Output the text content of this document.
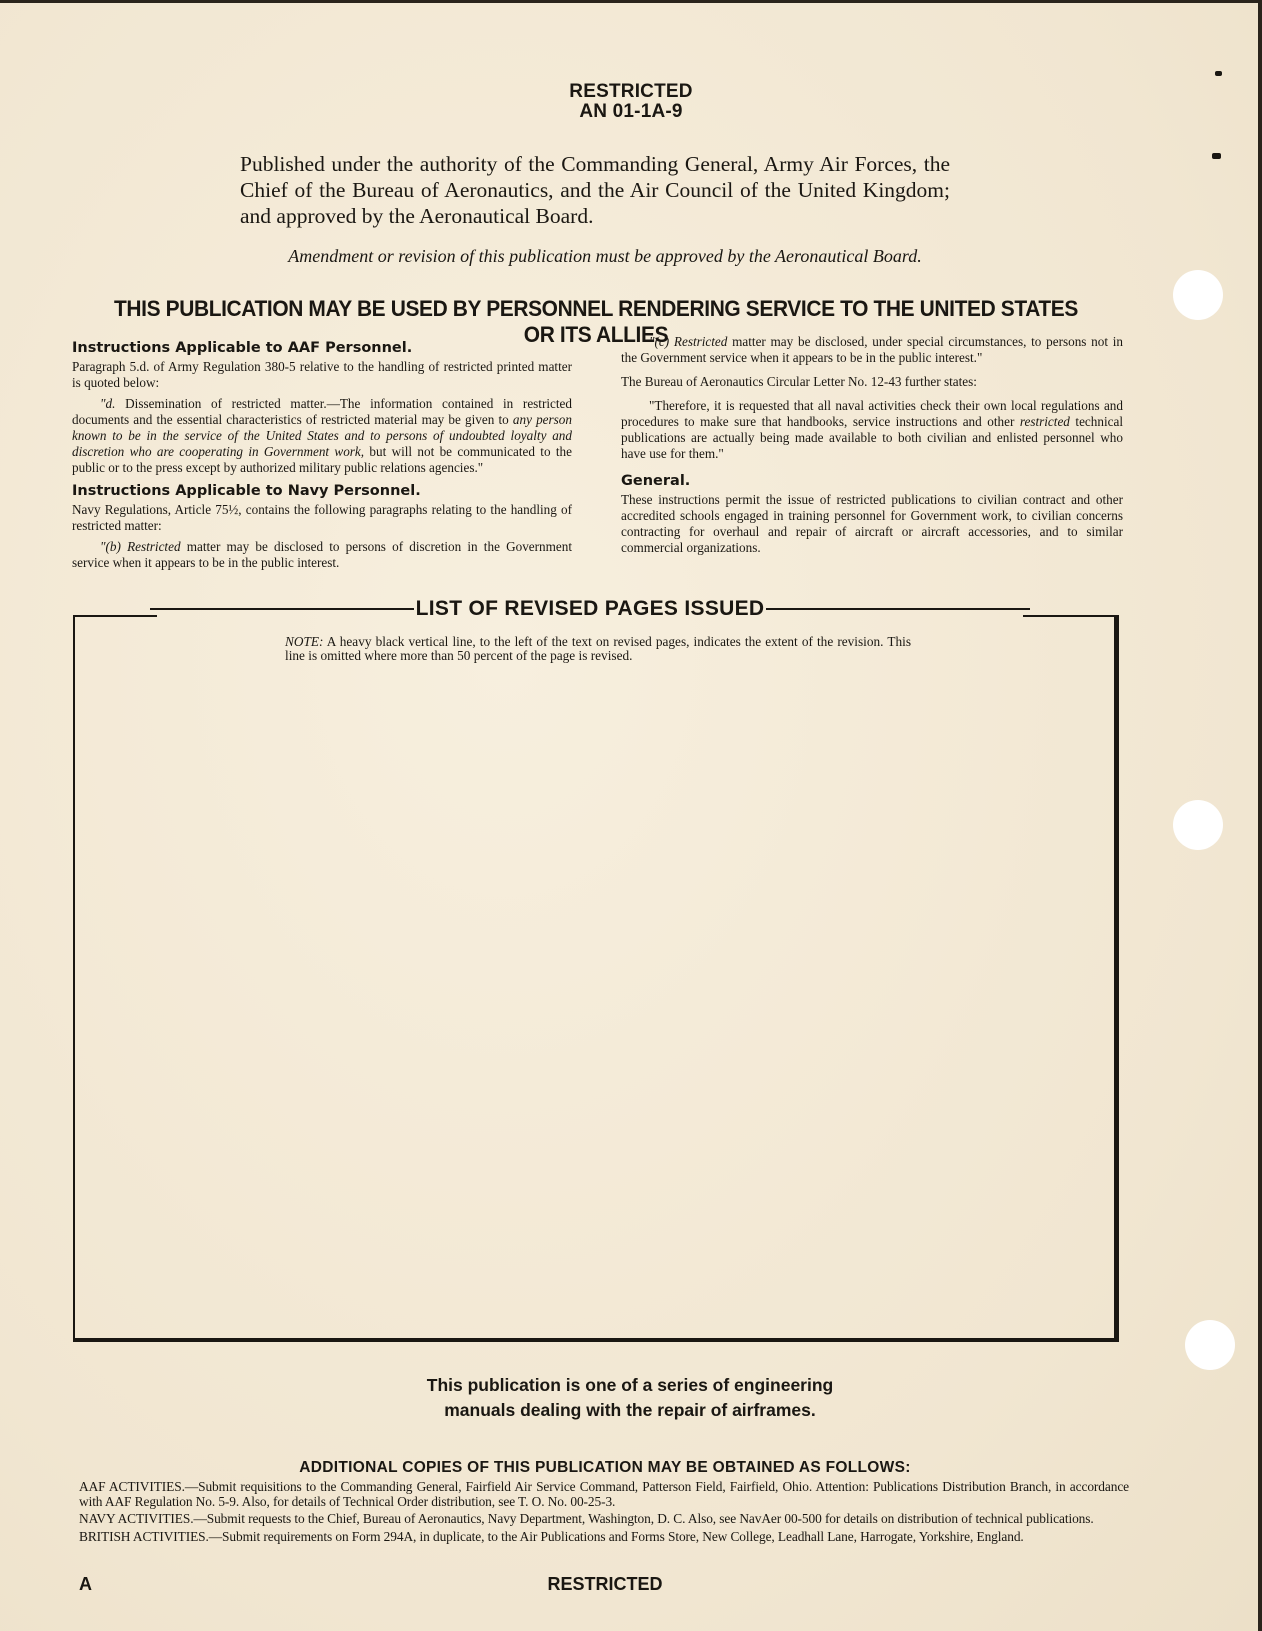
RESTRICTED
AN 01-1A-9
Published under the authority of the Commanding General, Army Air Forces, the Chief of the Bureau of Aeronautics, and the Air Council of the United Kingdom; and approved by the Aeronautical Board.
Amendment or revision of this publication must be approved by the Aeronautical Board.
THIS PUBLICATION MAY BE USED BY PERSONNEL RENDERING SERVICE TO THE UNITED STATES OR ITS ALLIES
Instructions Applicable to AAF Personnel.

Paragraph 5.d. of Army Regulation 380-5 relative to the handling of restricted printed matter is quoted below:

"d. Dissemination of restricted matter.—The information contained in restricted documents and the essential characteristics of restricted material may be given to any person known to be in the service of the United States and to persons of undoubted loyalty and discretion who are cooperating in Government work, but will not be communicated to the public or to the press except by authorized military public relations agencies."

Instructions Applicable to Navy Personnel.

Navy Regulations, Article 75½, contains the following paragraphs relating to the handling of restricted matter:

"(b) Restricted matter may be disclosed to persons of discretion in the Government service when it appears to be in the public interest.

"(c) Restricted matter may be disclosed, under special circumstances, to persons not in the Government service when it appears to be in the public interest."

The Bureau of Aeronautics Circular Letter No. 12-43 further states:

"Therefore, it is requested that all naval activities check their own local regulations and procedures to make sure that handbooks, service instructions and other restricted technical publications are actually being made available to both civilian and enlisted personnel who have use for them."

General.

These instructions permit the issue of restricted publications to civilian contract and other accredited schools engaged in training personnel for Government work, to civilian concerns contracting for overhaul and repair of aircraft or aircraft accessories, and to similar commercial organizations.

LIST OF REVISED PAGES ISSUED
NOTE: A heavy black vertical line, to the left of the text on revised pages, indicates the extent of the revision. This line is omitted where more than 50 percent of the page is revised.
This publication is one of a series of engineering
manuals dealing with the repair of airframes.
ADDITIONAL COPIES OF THIS PUBLICATION MAY BE OBTAINED AS FOLLOWS:

AAF ACTIVITIES.—Submit requisitions to the Commanding General, Fairfield Air Service Command, Patterson Field, Fairfield, Ohio. Attention: Publications Distribution Branch, in accordance with AAF Regulation No. 5-9. Also, for details of Technical Order distribution, see T. O. No. 00-25-3.

NAVY ACTIVITIES.—Submit requests to the Chief, Bureau of Aeronautics, Navy Department, Washington, D. C. Also, see NavAer 00-500 for details on distribution of technical publications.

BRITISH ACTIVITIES.—Submit requirements on Form 294A, in duplicate, to the Air Publications and Forms Store, New College, Leadhall Lane, Harrogate, Yorkshire, England.

A	RESTRICTED
